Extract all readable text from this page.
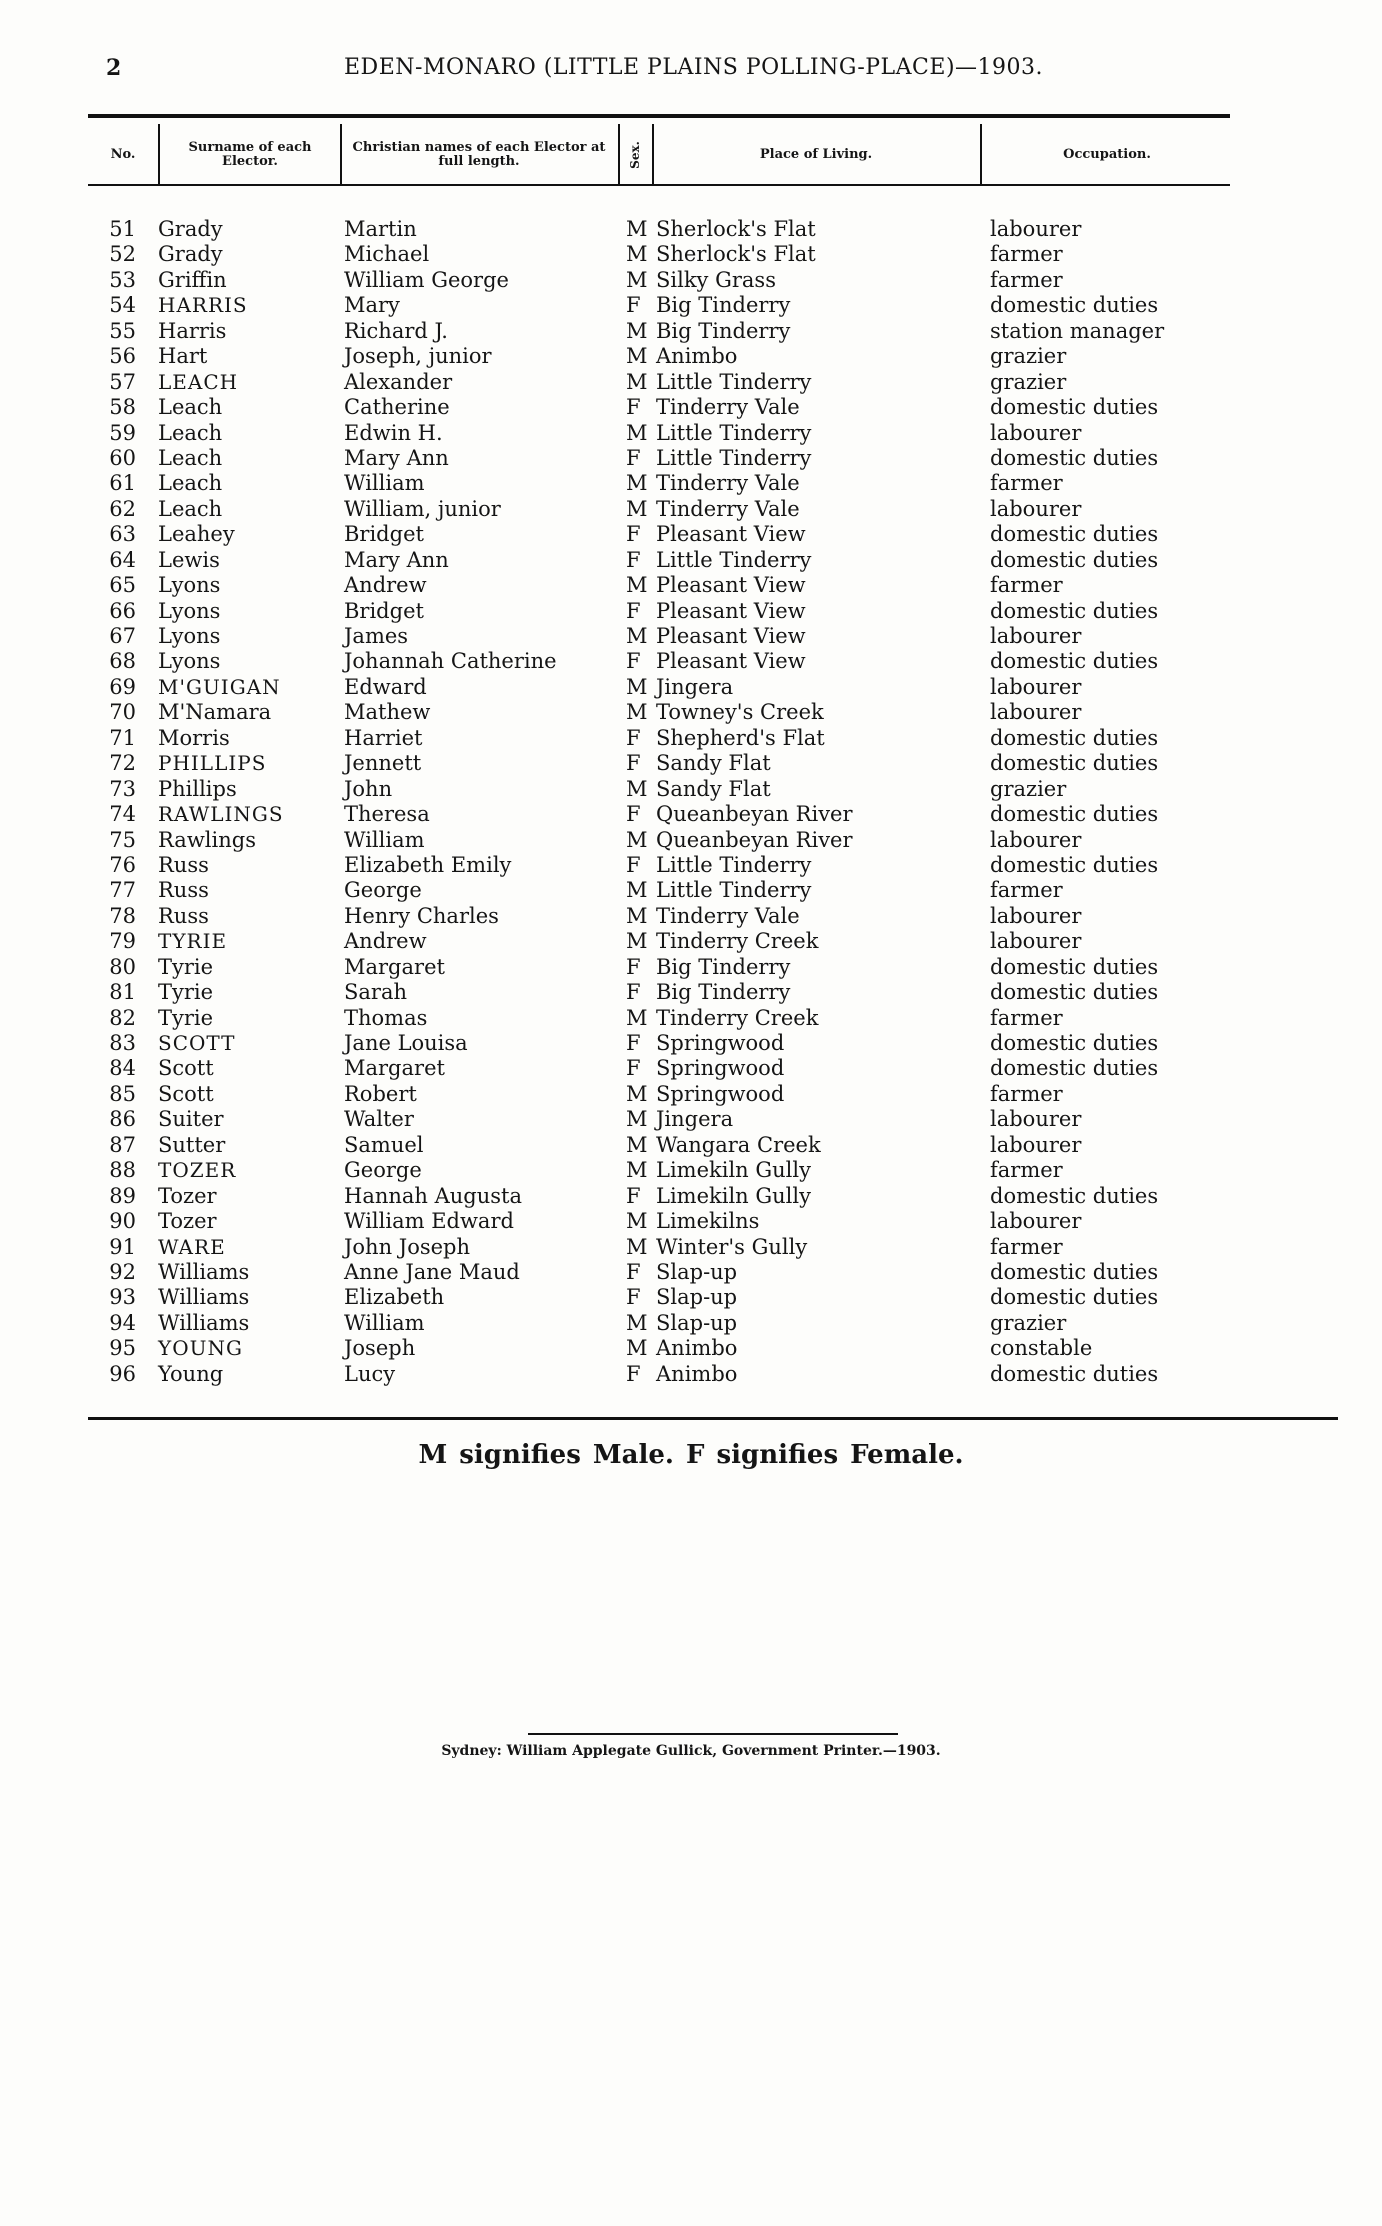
2	EDEN-MONARO (LITTLE PLAINS POLLING-PLACE)—1903.
No.	Surname of each Elector.
Christian names of each Elector at full length.	Sex.	Place of Living.	Occupation.
51 Grady	Martin	M Sherlock's Flat	labourer
52 Grady	Michael	M Sherlock's Flat	farmer
53 Griffin	William George	M Silky Grass	farmer
54 HARRIS	Mary	F Big Tinderry	domestic duties
55 Harris	Richard J.	M Big Tinderry	station manager
56 Hart	Joseph, junior	M Animbo	grazier
57 LEACH	Alexander	M Little Tinderry	grazier
58 Leach	Catherine	F Tinderry Vale	domestic duties
59 Leach	Edwin H.	M Little Tinderry	labourer
60 Leach	Mary Ann	F Little Tinderry	domestic duties
61 Leach	William	M Tinderry Vale	farmer
62 Leach	William, junior	M Tinderry Vale	labourer
63 Leahey	Bridget	F Pleasant View	domestic duties
64 Lewis	Mary Ann	F Little Tinderry	domestic duties
65 Lyons	Andrew	M Pleasant View	farmer
66 Lyons	Bridget	F Pleasant View	domestic duties
67 Lyons	James	M Pleasant View	labourer
68 Lyons	Johannah Catherine	F Pleasant View	domestic duties
69 M'GUIGAN	Edward	M Jingera	labourer
70 M'Namara	Mathew	M Towney's Creek	labourer
71 Morris	Harriet	F Shepherd's Flat	domestic duties
72 PHILLIPS	Jennett	F Sandy Flat	domestic duties
73 Phillips	John	M Sandy Flat	grazier
74 RAWLINGS	Theresa	F Queanbeyan River	domestic duties
75 Rawlings	William	M Queanbeyan River	labourer
76 Russ	Elizabeth Emily	F Little Tinderry	domestic duties
77 Russ	George	M Little Tinderry	farmer
78 Russ	Henry Charles	M Tinderry Vale	labourer
79 TYRIE	Andrew	M Tinderry Creek	labourer
80 Tyrie	Margaret	F Big Tinderry	domestic duties
81 Tyrie	Sarah	F Big Tinderry	domestic duties
82 Tyrie	Thomas	M Tinderry Creek	farmer
83 SCOTT	Jane Louisa	F Springwood	domestic duties
84 Scott	Margaret	F Springwood	domestic duties
85 Scott	Robert	M Springwood	farmer
86 Suiter	Walter	M Jingera	labourer
87 Sutter	Samuel	M Wangara Creek	labourer
88 TOZER	George	M Limekiln Gully	farmer
89 Tozer	Hannah Augusta	F Limekiln Gully	domestic duties
90 Tozer	William Edward	M Limekilns	labourer
91 WARE	John Joseph	M Winter's Gully	farmer
92 Williams	Anne Jane Maud	F Slap-up	domestic duties
93 Williams	Elizabeth	F Slap-up	domestic duties
94 Williams	William	M Slap-up	grazier
95 YOUNG	Joseph	M Animbo	constable
96 Young	Lucy	F Animbo	domestic duties
M signifies Male. F signifies Female.
Sydney: William Applegate Gullick, Government Printer.—1903.
